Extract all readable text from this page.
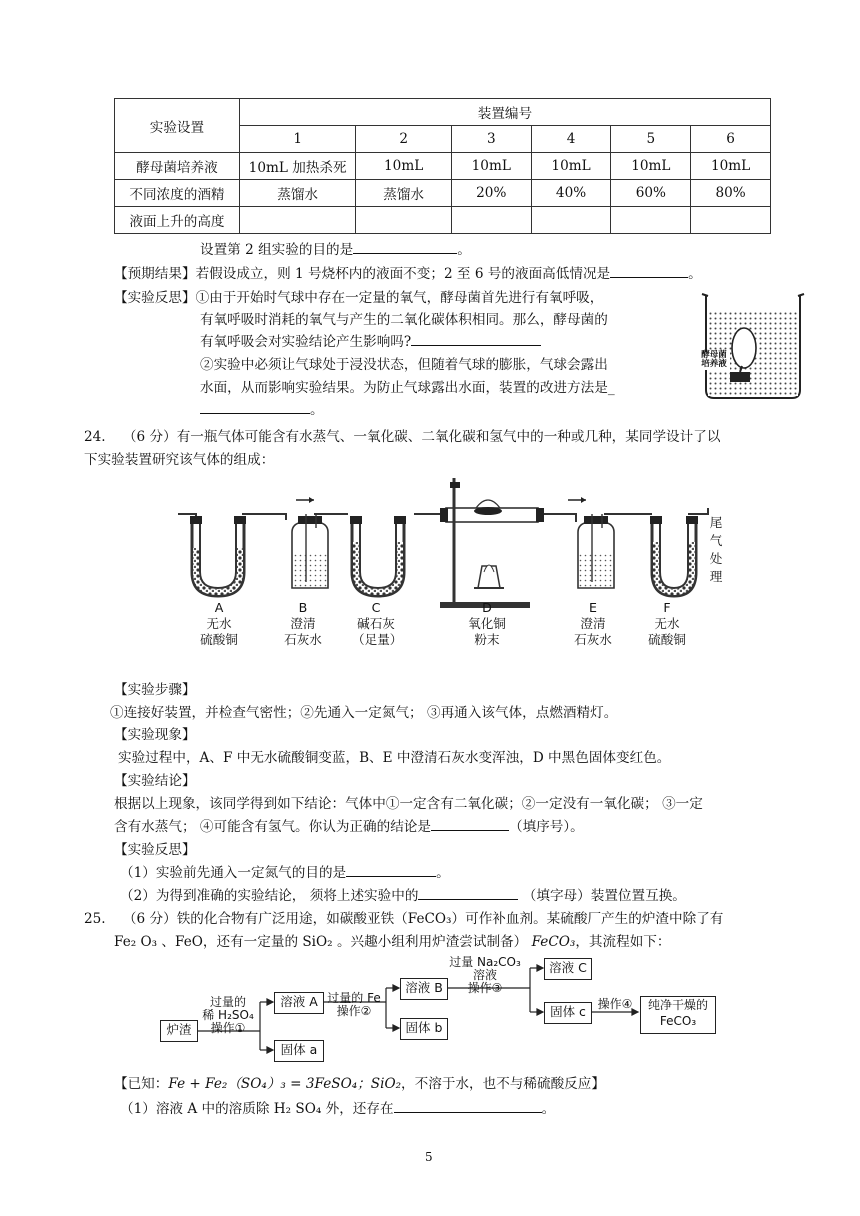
实验设置	装置编号					
	1	2	3	4	5	6
酵母菌培养液	10mL 加热杀死	10mL	10mL	10mL	10mL	10mL
不同浓度的酒精	蒸馏水	蒸馏水	20%	40%	60%	80%
液面上升的高度						
设置第 2 组实验的目的是	。
【预期结果】若假设成立，则 1 号烧杯内的液面不变；2 至 6 号的液面高低情况是	。
【实验反思】①由于开始时气球中存在一定量的氧气，酵母菌首先进行有氧呼吸，
有氧呼吸时消耗的氧气与产生的二氧化碳体积相同。那么，酵母菌的
有氧呼吸会对实验结论产生影响吗?
②实验中必须让气球处于浸没状态，但随着气球的膨胀，气球会露出
水面，从而影响实验结果。为防止气球露出水面，装置的改进方法是_
。
酵母菌培养液
24. （6 分）有一瓶气体可能含有水蒸气、一氧化碳、二氧化碳和氢气中的一种或几种，某同学设计了以
下实验装置研究该气体的组成：
尾气处理
A
无水
硫酸铜
B
澄清
石灰水
C
碱石灰
（足量）
D
氧化铜
粉末
E
澄清
石灰水
F
无水
硫酸铜
【实验步骤】
①连接好装置，并检查气密性；②先通入一定氮气； ③再通入该气体，点燃酒精灯。
【实验现象】
实验过程中，A、F 中无水硫酸铜变蓝，B、E 中澄清石灰水变浑浊，D 中黑色固体变红色。
【实验结论】
根据以上现象，该同学得到如下结论：气体中①一定含有二氧化碳；②一定没有一氧化碳； ③一定
含有水蒸气； ④可能含有氢气。你认为正确的结论是	（填序号）。
【实验反思】
（1）实验前先通入一定氮气的目的是	。
（2）为得到准确的实验结论， 须将上述实验中的	（填字母）装置位置互换。
25. （6 分）铁的化合物有广泛用途，如碳酸亚铁（FeCO₃）可作补血剂。某硫酸厂产生的炉渣中除了有
Fe₂ O₃ 、FeO，还有一定量的 SiO₂ 。兴趣小组利用炉渣尝试制备） FeCO₃，其流程如下：
炉渣
过量的
稀 H₂SO₄
操作①
溶液 A
固体 a
过量的 Fe
操作②
溶液 B
固体 b
过量 Na₂CO₃
溶液
操作③
溶液 C
固体 c 操作④	纯净干燥的
FeCO₃
【已知：Fe + Fe₂（SO₄）₃ = 3FeSO₄；SiO₂，不溶于水，也不与稀硫酸反应】
（1）溶液 A 中的溶质除 H₂ SO₄ 外，还存在	。
5
